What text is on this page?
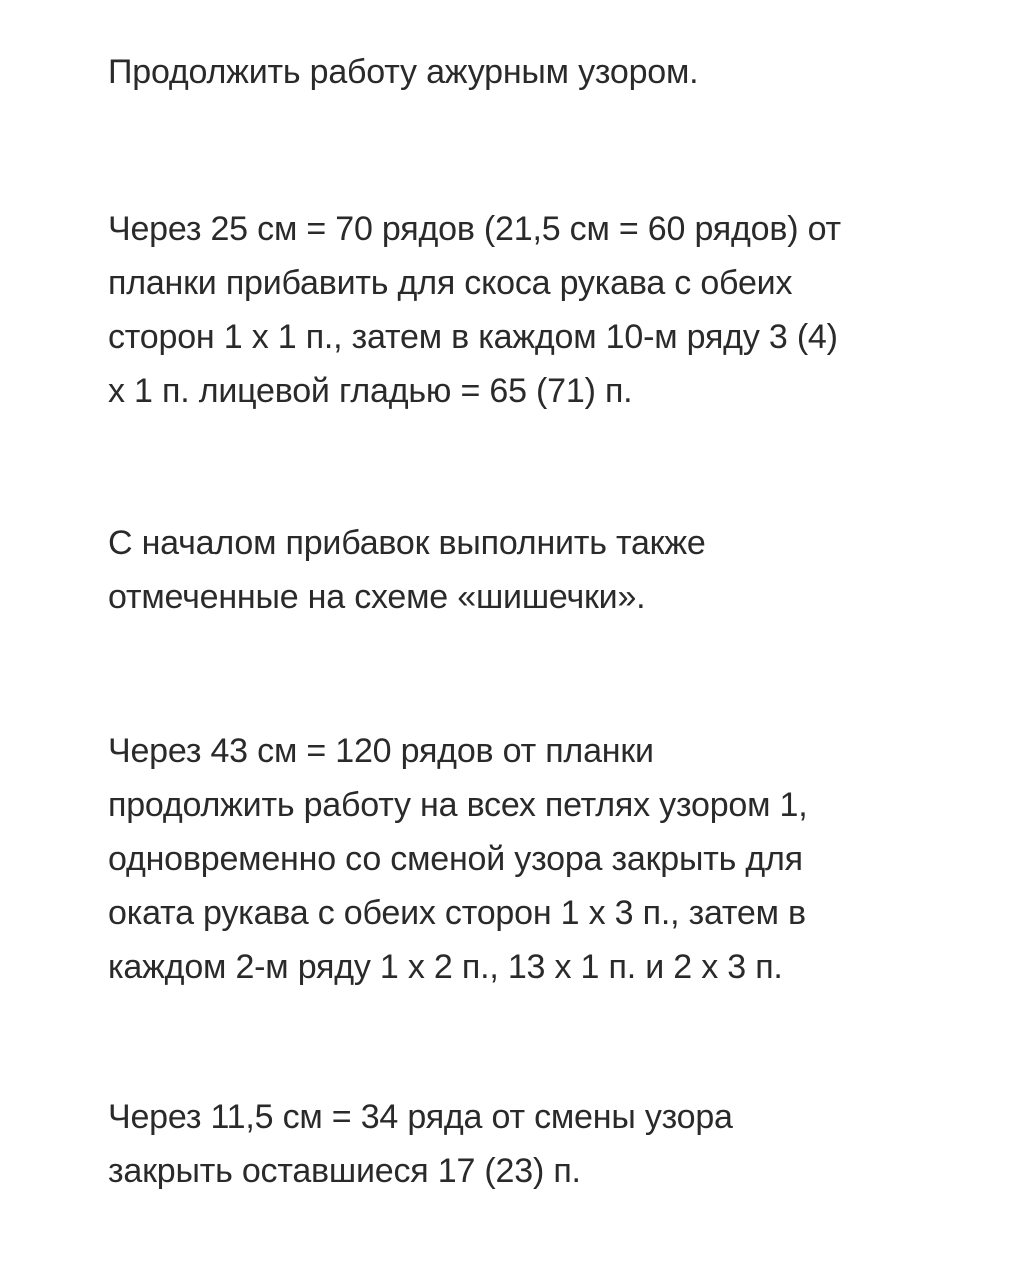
Продолжить работу ажурным узором.

Через 25 см = 70 рядов (21,5 см = 60 рядов) от
планки прибавить для скоса рукава с обеих
сторон 1 х 1 п., затем в каждом 10-м ряду 3 (4)
х 1 п. лицевой гладью = 65 (71) п.

С началом прибавок выполнить также
отмеченные на схеме «шишечки».

Через 43 см = 120 рядов от планки
продолжить работу на всех петлях узором 1,
одновременно со сменой узора закрыть для
оката рукава с обеих сторон 1 х 3 п., затем в
каждом 2-м ряду 1 х 2 п., 13 х 1 п. и 2 х 3 п.

Через 11,5 см = 34 ряда от смены узора
закрыть оставшиеся 17 (23) п.
